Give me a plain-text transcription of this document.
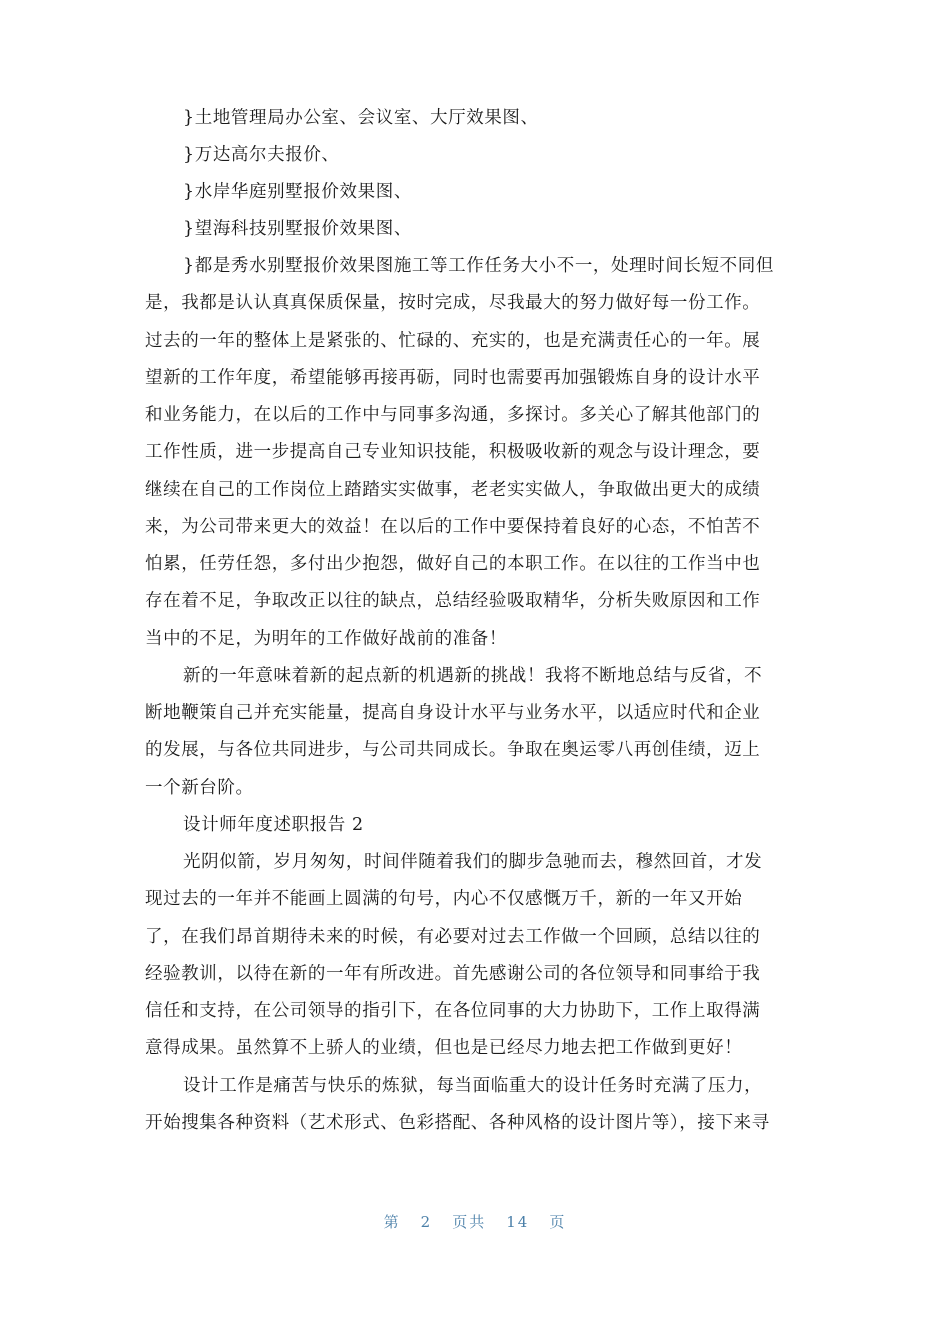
}土地管理局办公室、会议室、大厅效果图、
}万达高尔夫报价、
}水岸华庭别墅报价效果图、
}望海科技别墅报价效果图、
}都是秀水别墅报价效果图施工等工作任务大小不一，处理时间长短不同但
是，我都是认认真真保质保量，按时完成，尽我最大的努力做好每一份工作。
过去的一年的整体上是紧张的、忙碌的、充实的，也是充满责任心的一年。展
望新的工作年度，希望能够再接再砺，同时也需要再加强锻炼自身的设计水平
和业务能力，在以后的工作中与同事多沟通，多探讨。多关心了解其他部门的
工作性质，进一步提高自己专业知识技能，积极吸收新的观念与设计理念，要
继续在自己的工作岗位上踏踏实实做事，老老实实做人，争取做出更大的成绩
来，为公司带来更大的效益！在以后的工作中要保持着良好的心态，不怕苦不
怕累，任劳任怨，多付出少抱怨，做好自己的本职工作。在以往的工作当中也
存在着不足，争取改正以往的缺点，总结经验吸取精华，分析失败原因和工作
当中的不足，为明年的工作做好战前的准备！
新的一年意味着新的起点新的机遇新的挑战！我将不断地总结与反省，不
断地鞭策自己并充实能量，提高自身设计水平与业务水平，以适应时代和企业
的发展，与各位共同进步，与公司共同成长。争取在奥运零八再创佳绩，迈上
一个新台阶。
设计师年度述职报告 2
光阴似箭，岁月匆匆，时间伴随着我们的脚步急驰而去，穆然回首，才发
现过去的一年并不能画上圆满的句号，内心不仅感慨万千，新的一年又开始
了，在我们昂首期待未来的时候，有必要对过去工作做一个回顾，总结以往的
经验教训，以待在新的一年有所改进。首先感谢公司的各位领导和同事给于我
信任和支持，在公司领导的指引下，在各位同事的大力协助下，工作上取得满
意得成果。虽然算不上骄人的业绩，但也是已经尽力地去把工作做到更好！
设计工作是痛苦与快乐的炼狱，每当面临重大的设计任务时充满了压力，
开始搜集各种资料（艺术形式、色彩搭配、各种风格的设计图片等），接下来寻
第 2 页共 14 页
